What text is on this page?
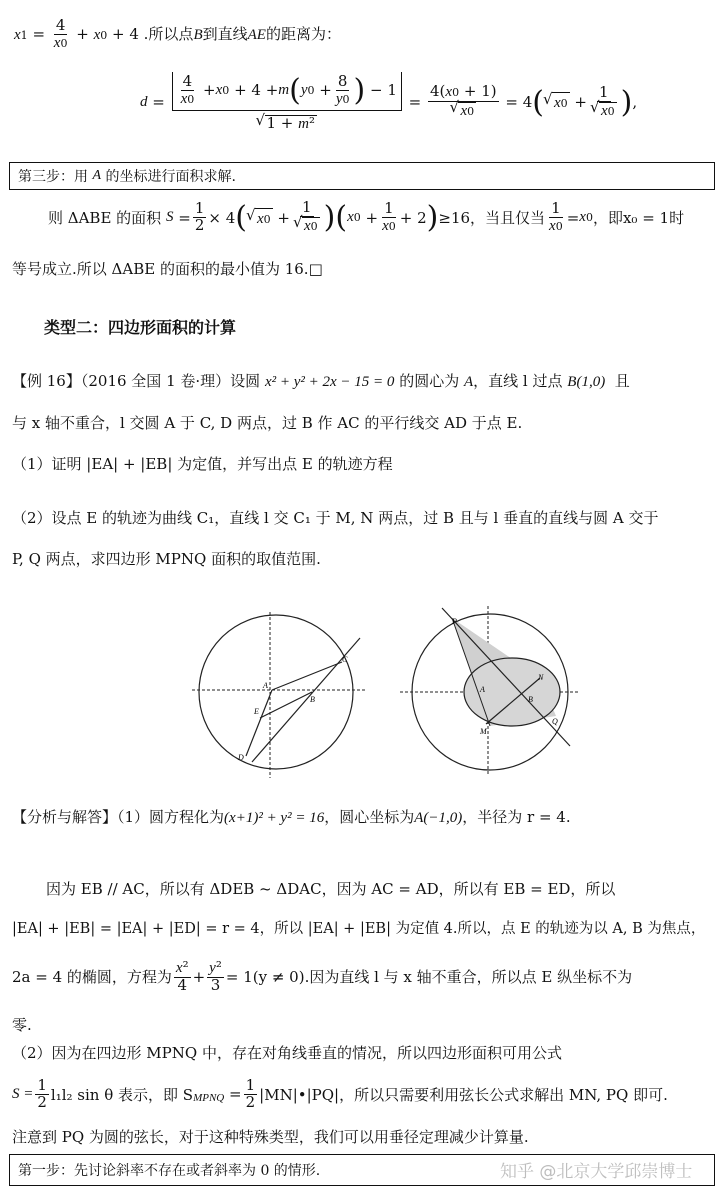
$x1 = \frac{4}{x0} + x0 + 4$ .所以点B到直线AE的距离为：
$d = \frac{4}{x0} + x$ 0 + 4 + m ( y $0 + \frac{8}{y0}$ ) − 1
√ 1 + m² = 4(x0 + 1)
√ x0 = 4 ( √ x0 + 1
√ x0 ) ,
第三步：用
A
的坐标进行面积求解.
则 ΔABE 的面积
$S = \frac{1}{2} \times 4$ ( √ x0 + 1
√ x0 )( x $0 + \frac{1}{x0} + 2$ ) ≥16，当且仅当 $\frac{1}{x0} = x$ 0 ，即 x₀ = 1时
等号成立.所以 ΔABE 的面积的最小值为 16.□
类型二：四边形面积的计算
【例 16】（2016 全国 1 卷·理）设圆 x² + y² + 2x − 15 = 0 的圆心为 A，直线 l 过点 B(1,0) 且
与 x 轴不重合，l 交圆 A 于 C, D 两点，过 B 作 AC 的平行线交 AD 于点 E.
（1）证明 |EA| + |EB| 为定值，并写出点 E 的轨迹方程
（2）设点 E 的轨迹为曲线 C₁，直线 l 交 C₁ 于 M, N 两点，过 B 且与 l 垂直的直线与圆 A 交于
P, Q 两点，求四边形 MPNQ 面积的取值范围.
A
B
C
D
E
P
N
M
Q
A
B
【分析与解答】（1）圆方程化为(x+1)² + y² = 16，圆心坐标为A(−1,0)，半径为 r = 4.
因为 EB // AC，所以有 ΔDEB ~ ΔDAC，因为 AC = AD，所以有 EB = ED，所以
|EA| + |EB| = |EA| + |ED| = r = 4，所以 |EA| + |EB| 为定值 4.所以，点 E 的轨迹为以 A, B 为焦点，
2a = 4 的椭圆，方程为 $\frac{\text{x²}}{4} + \frac{\text{y²}}{3} = 1(y \ne 0)$.因为直线 l 与 x 轴不重合，所以点 E 纵坐标不为
零.
（2）因为在四边形 MPNQ 中，存在对角线垂直的情况，所以四边形面积可用公式
$S = \frac{1}{2} l_1l_2$ sin θ 表示，即 S MPNQ
= $\frac{1}{2}$ |MN|•|PQ|，所以只需要利用弦长公式求解出 MN, PQ 即可.
注意到 PQ 为圆的弦长，对于这种特殊类型，我们可以用垂径定理减少计算量.
第一步：先讨论斜率不存在或者斜率为 0 的情形.	知乎 @北京大学邱崇博士
